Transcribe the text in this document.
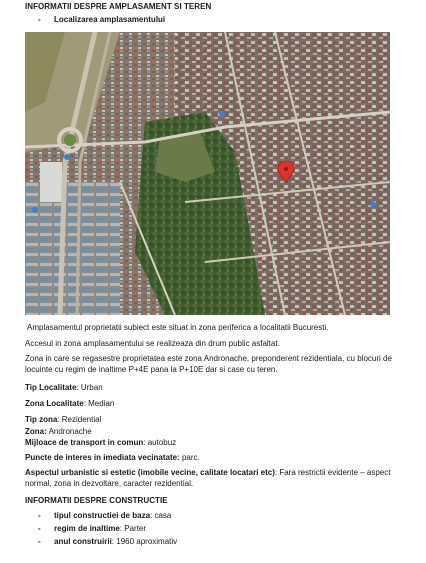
INFORMATII DESPRE AMPLASAMENT SI TEREN
- Localizarea amplasamentului
Amplasamentul proprietatii subiect este situat in zona periferica a localitatii Bucuresti.
Accesul in zona amplasamentului se realizeaza din drum public asfaltat.
Zona in care se regasestre proprietatea este zona Andronache, preponderent rezidentiala, cu blocuri de locuinte cu regim de inaltime P+4E pana la P+10E dar si case cu teren.
Tip Localitate: Urban
Zona Localitate: Median
Tip zona: Rezidential
Zona: Andronache
Mijloace de transport in comun: autobuz
Puncte de interes in imediata vecinatate: parc.
Aspectul urbanistic si estetic (imobile vecine, calitate locatari etc): Fara restrictii evidente – aspect normal, zona in dezvoltare, caracter rezidential.
INFORMATII DESPRE CONSTRUCTIE
- tipul constructiei de baza: casa
- regim de inaltime: Parter
- anul construirii: 1960 aproximativ
